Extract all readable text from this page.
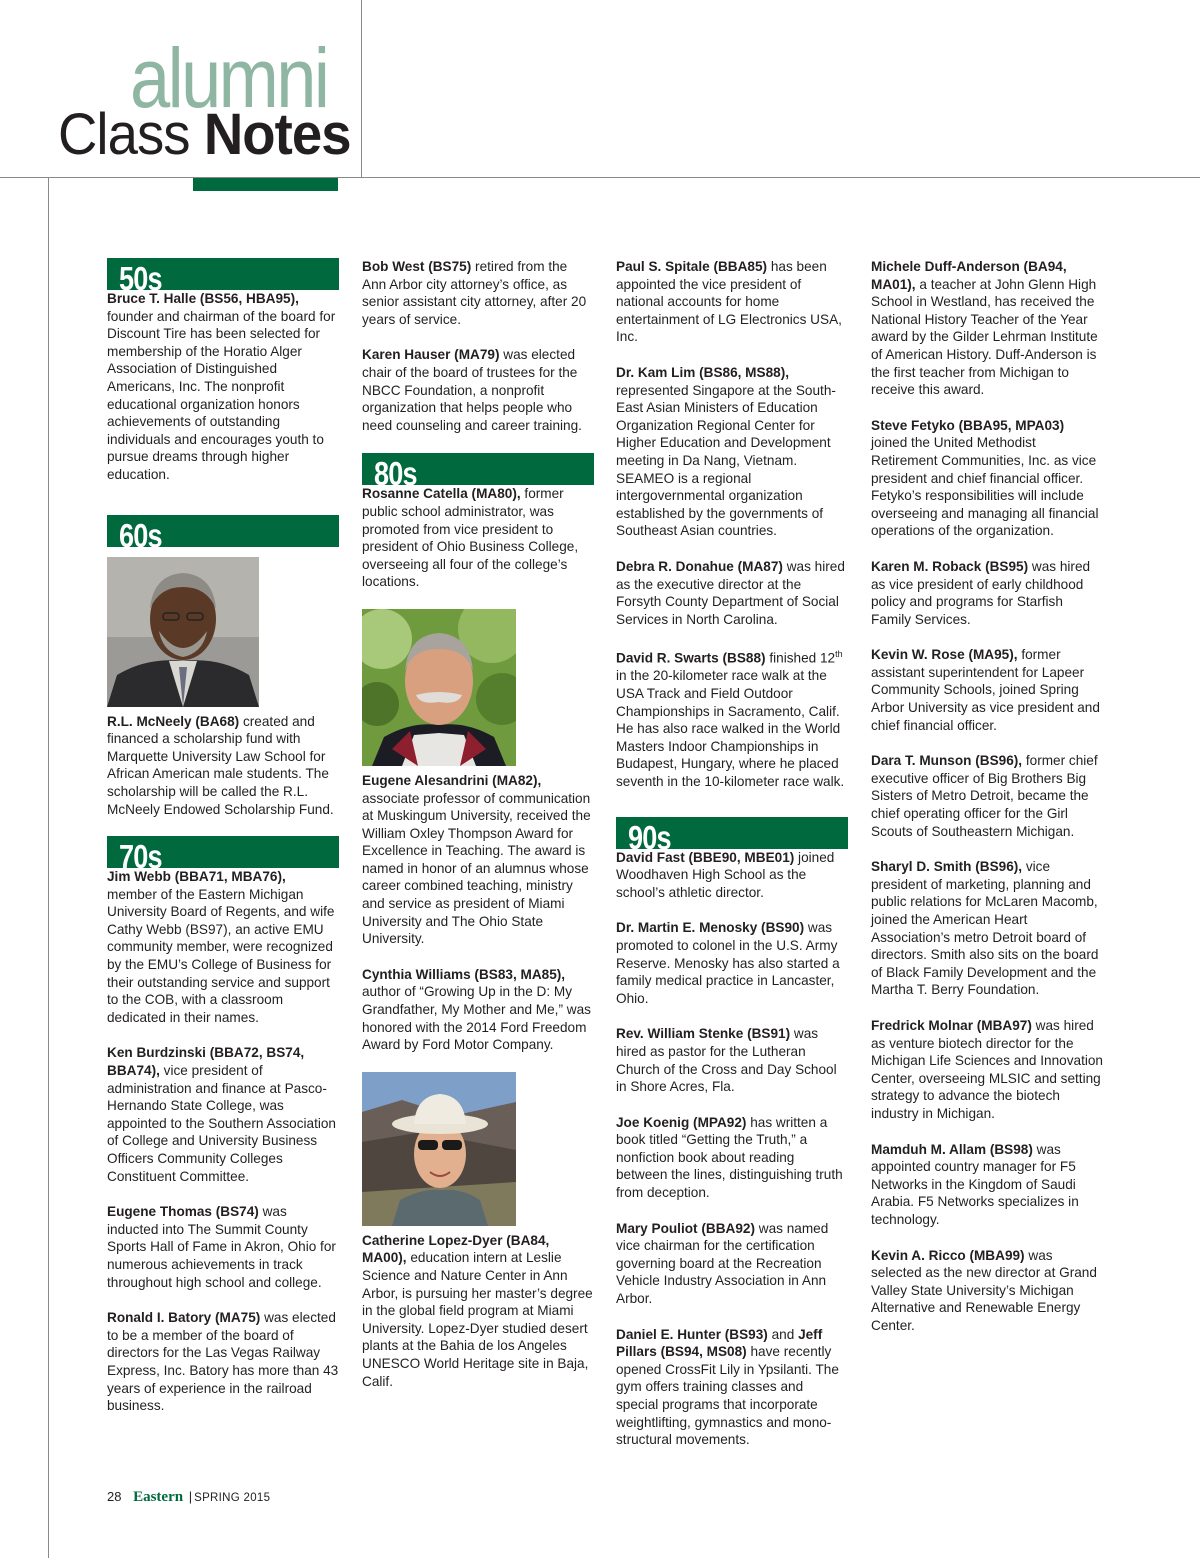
alumni
Class Notes
50s

Bruce T. Halle (BS56, HBA95), founder and chairman of the board for Discount Tire has been selected for membership of the Horatio Alger Association of Distinguished Americans, Inc. The nonprofit educational organization honors achievements of outstanding individuals and encourages youth to pursue dreams through higher education.

60s

R.L. McNeely (BA68) created and financed a scholarship fund with Marquette University Law School for African American male students. The scholarship will be called the R.L. McNeely Endowed Scholarship Fund.

70s

Jim Webb (BBA71, MBA76), member of the Eastern Michigan University Board of Regents, and wife Cathy Webb (BS97), an active EMU community member, were recognized by the EMU’s College of Business for their outstanding service and support to the COB, with a classroom dedicated in their names.

Ken Burdzinski (BBA72, BS74, BBA74), vice president of administration and finance at Pasco-Hernando State College, was appointed to the Southern Association of College and University Business Officers Community Colleges Constituent Committee.

Eugene Thomas (BS74) was inducted into The Summit County Sports Hall of Fame in Akron, Ohio for numerous achievements in track throughout high school and college.

Ronald I. Batory (MA75) was elected to be a member of the board of directors for the Las Vegas Railway Express, Inc. Batory has more than 43 years of experience in the railroad business.

Bob West (BS75) retired from the Ann Arbor city attorney’s office, as senior assistant city attorney, after 20 years of service.

Karen Hauser (MA79) was elected chair of the board of trustees for the NBCC Foundation, a nonprofit organization that helps people who need counseling and career training.

80s

Rosanne Catella (MA80), former public school administrator, was promoted from vice president to president of Ohio Business College, overseeing all four of the college’s locations.

Eugene Alesandrini (MA82), associate professor of communication at Muskingum University, received the William Oxley Thompson Award for Excellence in Teaching. The award is named in honor of an alumnus whose career combined teaching, ministry and service as president of Miami University and The Ohio State University.

Cynthia Williams (BS83, MA85), author of “Growing Up in the D: My Grandfather, My Mother and Me,” was honored with the 2014 Ford Freedom Award by Ford Motor Company.

Catherine Lopez-Dyer (BA84, MA00), education intern at Leslie Science and Nature Center in Ann Arbor, is pursuing her master’s degree in the global field program at Miami University. Lopez-Dyer studied desert plants at the Bahia de los Angeles UNESCO World Heritage site in Baja, Calif.

Paul S. Spitale (BBA85) has been appointed the vice president of national accounts for home entertainment of LG Electronics USA, Inc.

Dr. Kam Lim (BS86, MS88), represented Singapore at the South-East Asian Ministers of Education Organization Regional Center for Higher Education and Development meeting in Da Nang, Vietnam. SEAMEO is a regional intergovernmental organization established by the governments of Southeast Asian countries.

Debra R. Donahue (MA87) was hired as the executive director at the Forsyth County Department of Social Services in North Carolina.

David R. Swarts (BS88) finished 12th in the 20-kilometer race walk at the USA Track and Field Outdoor Championships in Sacramento, Calif. He has also race walked in the World Masters Indoor Championships in Budapest, Hungary, where he placed seventh in the 10-kilometer race walk.

90s

David Fast (BBE90, MBE01) joined Woodhaven High School as the school’s athletic director.

Dr. Martin E. Menosky (BS90) was promoted to colonel in the U.S. Army Reserve. Menosky has also started a family medical practice in Lancaster, Ohio.

Rev. William Stenke (BS91) was hired as pastor for the Lutheran Church of the Cross and Day School in Shore Acres, Fla.

Joe Koenig (MPA92) has written a book titled “Getting the Truth,” a nonfiction book about reading between the lines, distinguishing truth from deception.

Mary Pouliot (BBA92) was named vice chairman for the certification governing board at the Recreation Vehicle Industry Association in Ann Arbor.

Daniel E. Hunter (BS93) and Jeff Pillars (BS94, MS08) have recently opened CrossFit Lily in Ypsilanti. The gym offers training classes and special programs that incorporate weightlifting, gymnastics and mono-structural movements.

Michele Duff-Anderson (BA94, MA01), a teacher at John Glenn High School in Westland, has received the National History Teacher of the Year award by the Gilder Lehrman Institute of American History. Duff-Anderson is the first teacher from Michigan to receive this award.

Steve Fetyko (BBA95, MPA03) joined the United Methodist Retirement Communities, Inc. as vice president and chief financial officer. Fetyko’s responsibilities will include overseeing and managing all financial operations of the organization.

Karen M. Roback (BS95) was hired as vice president of early childhood policy and programs for Starfish Family Services.

Kevin W. Rose (MA95), former assistant superintendent for Lapeer Community Schools, joined Spring Arbor University as vice president and chief financial officer.

Dara T. Munson (BS96), former chief executive officer of Big Brothers Big Sisters of Metro Detroit, became the chief operating officer for the Girl Scouts of Southeastern Michigan.

Sharyl D. Smith (BS96), vice president of marketing, planning and public relations for McLaren Macomb, joined the American Heart Association’s metro Detroit board of directors. Smith also sits on the board of Black Family Development and the Martha T. Berry Foundation.

Fredrick Molnar (MBA97) was hired as venture biotech director for the Michigan Life Sciences and Innovation Center, overseeing MLSIC and setting strategy to advance the biotech industry in Michigan.

Mamduh M. Allam (BS98) was appointed country manager for F5 Networks in the Kingdom of Saudi Arabia. F5 Networks specializes in technology.

Kevin A. Ricco (MBA99) was selected as the new director at Grand Valley State University’s Michigan Alternative and Renewable Energy Center.

28 Eastern | SPRING 2015
